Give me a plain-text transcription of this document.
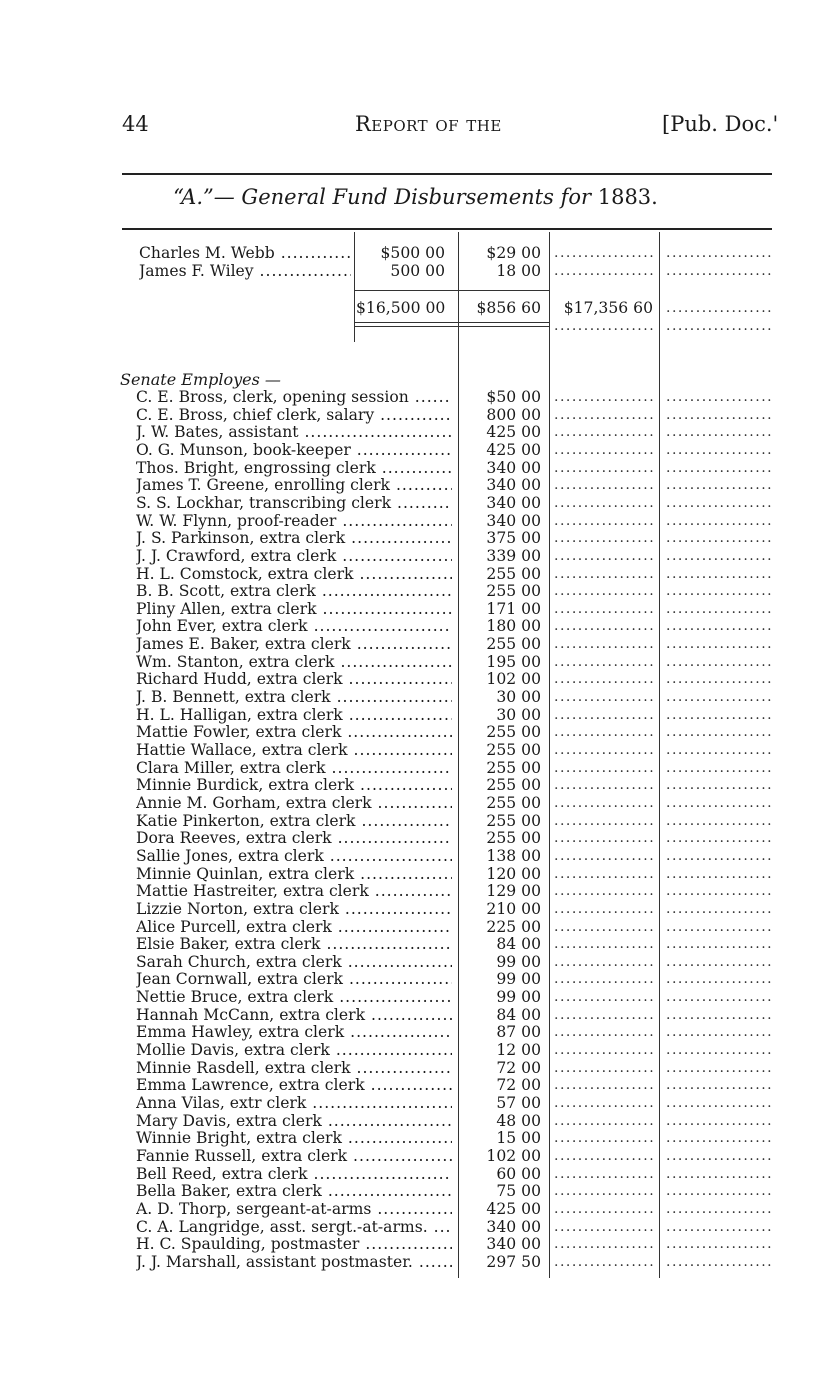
44	Report of the	[Pub. Doc.'
“A.”— General Fund Disbursements for 1883.
Charles M. Webb .....	$500 00	$29 00
.....
.....
James F. Wiley .....	500 00	18 00
.....
.....
$16,500 00	$856 60 $17,356 60
.....
.....
.....
Senate Employes —
C. E. Bross, clerk, opening session .....	$50 00
.....
.....
C. E. Bross, chief clerk, salary .....	800 00
.....
.....
J. W. Bates, assistant .....	425 00
.....
.....
O. G. Munson, book-keeper .....	425 00
.....
.....
Thos. Bright, engrossing clerk .....	340 00
.....
.....
James T. Greene, enrolling clerk .....	340 00
.....
.....
S. S. Lockhar, transcribing clerk .....	340 00
.....
.....
W. W. Flynn, proof-reader .....	340 00
.....
.....
J. S. Parkinson, extra clerk .....	375 00
.....
.....
J. J. Crawford, extra clerk .....	339 00
.....
.....
H. L. Comstock, extra clerk .....	255 00
.....
.....
B. B. Scott, extra clerk .....	255 00
.....
.....
Pliny Allen, extra clerk .....	171 00
.....
.....
John Ever, extra clerk .....	180 00
.....
.....
James E. Baker, extra clerk .....	255 00
.....
.....
Wm. Stanton, extra clerk .....	195 00
.....
.....
Richard Hudd, extra clerk .....	102 00
.....
.....
J. B. Bennett, extra clerk .....	30 00
.....
.....
H. L. Halligan, extra clerk .....	30 00
.....
.....
Mattie Fowler, extra clerk .....	255 00
.....
.....
Hattie Wallace, extra clerk .....	255 00
.....
.....
Clara Miller, extra clerk .....	255 00
.....
.....
Minnie Burdick, extra clerk .....	255 00
.....
.....
Annie M. Gorham, extra clerk .....	255 00
.....
.....
Katie Pinkerton, extra clerk .....	255 00
.....
.....
Dora Reeves, extra clerk .....	255 00
.....
.....
Sallie Jones, extra clerk .....	138 00
.....
.....
Minnie Quinlan, extra clerk .....	120 00
.....
.....
Mattie Hastreiter, extra clerk .....	129 00
.....
.....
Lizzie Norton, extra clerk .....	210 00
.....
.....
Alice Purcell, extra clerk .....	225 00
.....
.....
Elsie Baker, extra clerk .....	84 00
.....
.....
Sarah Church, extra clerk .....	99 00
.....
.....
Jean Cornwall, extra clerk .....	99 00
.....
.....
Nettie Bruce, extra clerk .....	99 00
.....
.....
Hannah McCann, extra clerk .....	84 00
.....
.....
Emma Hawley, extra clerk .....	87 00
.....
.....
Mollie Davis, extra clerk .....	12 00
.....
.....
Minnie Rasdell, extra clerk .....	72 00
.....
.....
Emma Lawrence, extra clerk .....	72 00
.....
.....
Anna Vilas, extr clerk .....	57 00
.....
.....
Mary Davis, extra clerk .....	48 00
.....
.....
Winnie Bright, extra clerk .....	15 00
.....
.....
Fannie Russell, extra clerk .....	102 00
.....
.....
Bell Reed, extra clerk .....	60 00
.....
.....
Bella Baker, extra clerk .....	75 00
.....
.....
A. D. Thorp, sergeant-at-arms .....	425 00
.....
.....
C. A. Langridge, asst. sergt.-at-arms. .....	340 00
.....
.....
H. C. Spaulding, postmaster .....	340 00
.....
.....
J. J. Marshall, assistant postmaster. .....	297 50
.....
.....
